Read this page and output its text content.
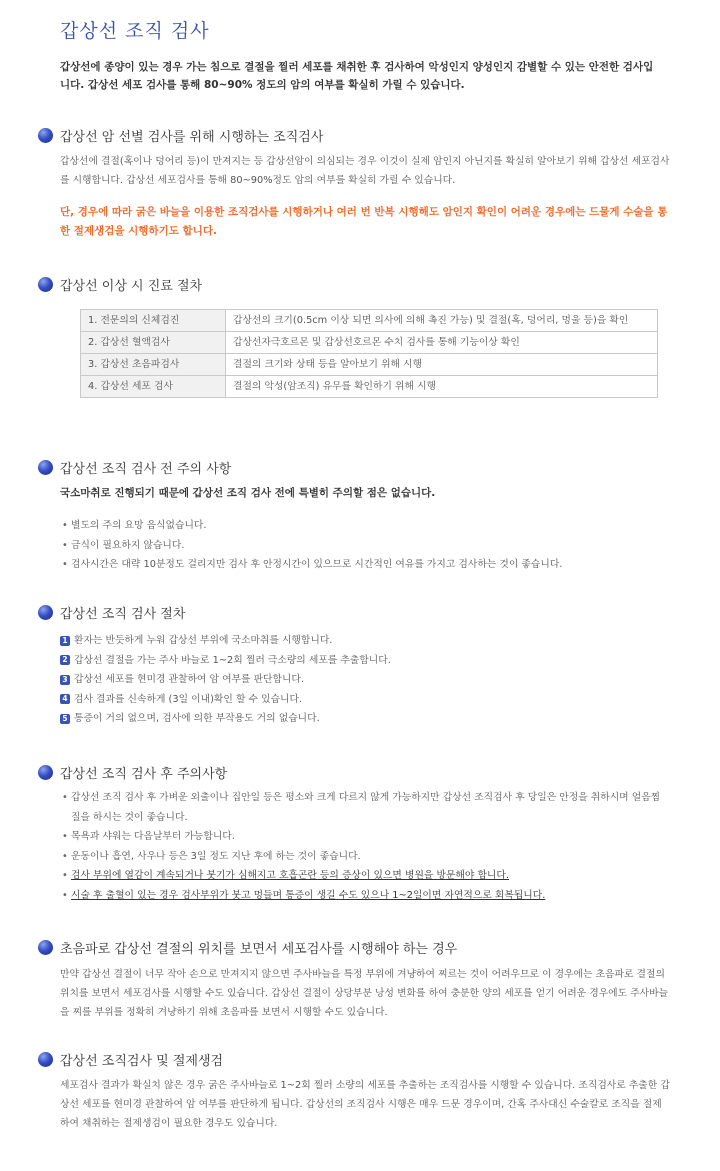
갑상선 조직 검사

갑상선에 종양이 있는 경우 가는 침으로 결절을 찔러 세포를 채취한 후 검사하여 악성인지 양성인지 감별할 수 있는 안전한 검사입니다. 갑상선 세포 검사를 통해 80~90% 정도의 암의 여부를 확실히 가릴 수 있습니다.

갑상선 암 선별 검사를 위해 시행하는 조직검사

갑상선에 결절(혹이나 덩어리 등)이 만져지는 등 갑상선암이 의심되는 경우 이것이 실제 암인지 아닌지를 확실히 알아보기 위해 갑상선 세포검사를 시행합니다. 갑상선 세포검사를 통해 80~90%정도 암의 여부를 확실히 가릴 수 있습니다.

단, 경우에 따라 굵은 바늘을 이용한 조직검사를 시행하거나 여러 번 반복 시행해도 암인지 확인이 어려운 경우에는 드물게 수술을 통한 절제생검을 시행하기도 합니다.

갑상선 이상 시 진료 절차
1. 전문의의 신체검진	갑상선의 크기(0.5cm 이상 되면 의사에 의해 촉진 가능) 및 결절(혹, 덩어리, 멍울 등)을 확인
2. 갑상선 혈액검사	갑상선자극호르몬 및 갑상선호르몬 수치 검사를 통해 기능이상 확인
3. 갑상선 초음파검사	결절의 크기와 상태 등을 알아보기 위해 시행
4. 갑상선 세포 검사	결절의 악성(암조직) 유무를 확인하기 위해 시행
갑상선 조직 검사 전 주의 사항

국소마취로 진행되기 때문에 갑상선 조직 검사 전에 특별히 주의할 점은 없습니다.

• 별도의 주의 요망 음식없습니다.
• 금식이 필요하지 않습니다.
• 검사시간은 대략 10분정도 걸리지만 검사 후 안정시간이 있으므로 시간적인 여유를 가지고 검사하는 것이 좋습니다.
갑상선 조직 검사 절차
1 환자는 반듯하게 누워 갑상선 부위에 국소마취를 시행합니다.
2 갑상선 결절을 가는 주사 바늘로 1~2회 찔러 극소량의 세포를 추출합니다.
3 갑상선 세포를 현미경 관찰하여 암 여부를 판단합니다.
4 검사 결과를 신속하게 (3일 이내)확인 할 수 있습니다.
5 통증이 거의 없으며, 검사에 의한 부작용도 거의 없습니다.
갑상선 조직 검사 후 주의사항
• 갑상선 조직 검사 후 가벼운 외출이나 집안일 등은 평소와 크게 다르지 않게 가능하지만 갑상선 조직검사 후 당일은 안정을 취하시며 얼음찜질을 하시는 것이 좋습니다.
• 목욕과 샤워는 다음날부터 가능합니다.
• 운동이나 흡연, 사우나 등은 3일 정도 지난 후에 하는 것이 좋습니다.
• 검사 부위에 열감이 계속되거나 붓기가 심해지고 호흡곤란 등의 증상이 있으면 병원을 방문해야 합니다.
• 시술 후 출혈이 있는 경우 검사부위가 붓고 멍들며 통증이 생길 수도 있으나 1~2일이면 자연적으로 회복됩니다.
초음파로 갑상선 결절의 위치를 보면서 세포검사를 시행해야 하는 경우

만약 갑상선 결절이 너무 작아 손으로 만져지지 않으면 주사바늘을 특정 부위에 겨냥하여 찌르는 것이 어려우므로 이 경우에는 초음파로 결절의 위치를 보면서 세포검사를 시행할 수도 있습니다. 갑상선 결절이 상당부분 낭성 변화를 하여 충분한 양의 세포를 얻기 어려운 경우에도 주사바늘을 찌를 부위를 정확히 겨냥하기 위해 초음파를 보면서 시행할 수도 있습니다.

갑상선 조직검사 및 절제생검

세포검사 결과가 확실치 않은 경우 굵은 주사바늘로 1~2회 찔러 소량의 세포를 추출하는 조직검사를 시행할 수 있습니다. 조직검사로 추출한 갑상선 세포를 현미경 관찰하여 암 여부를 판단하게 됩니다. 갑상선의 조직검사 시행은 매우 드문 경우이며, 간혹 주사대신 수술칼로 조직을 절제하여 채취하는 절제생검이 필요한 경우도 있습니다.
